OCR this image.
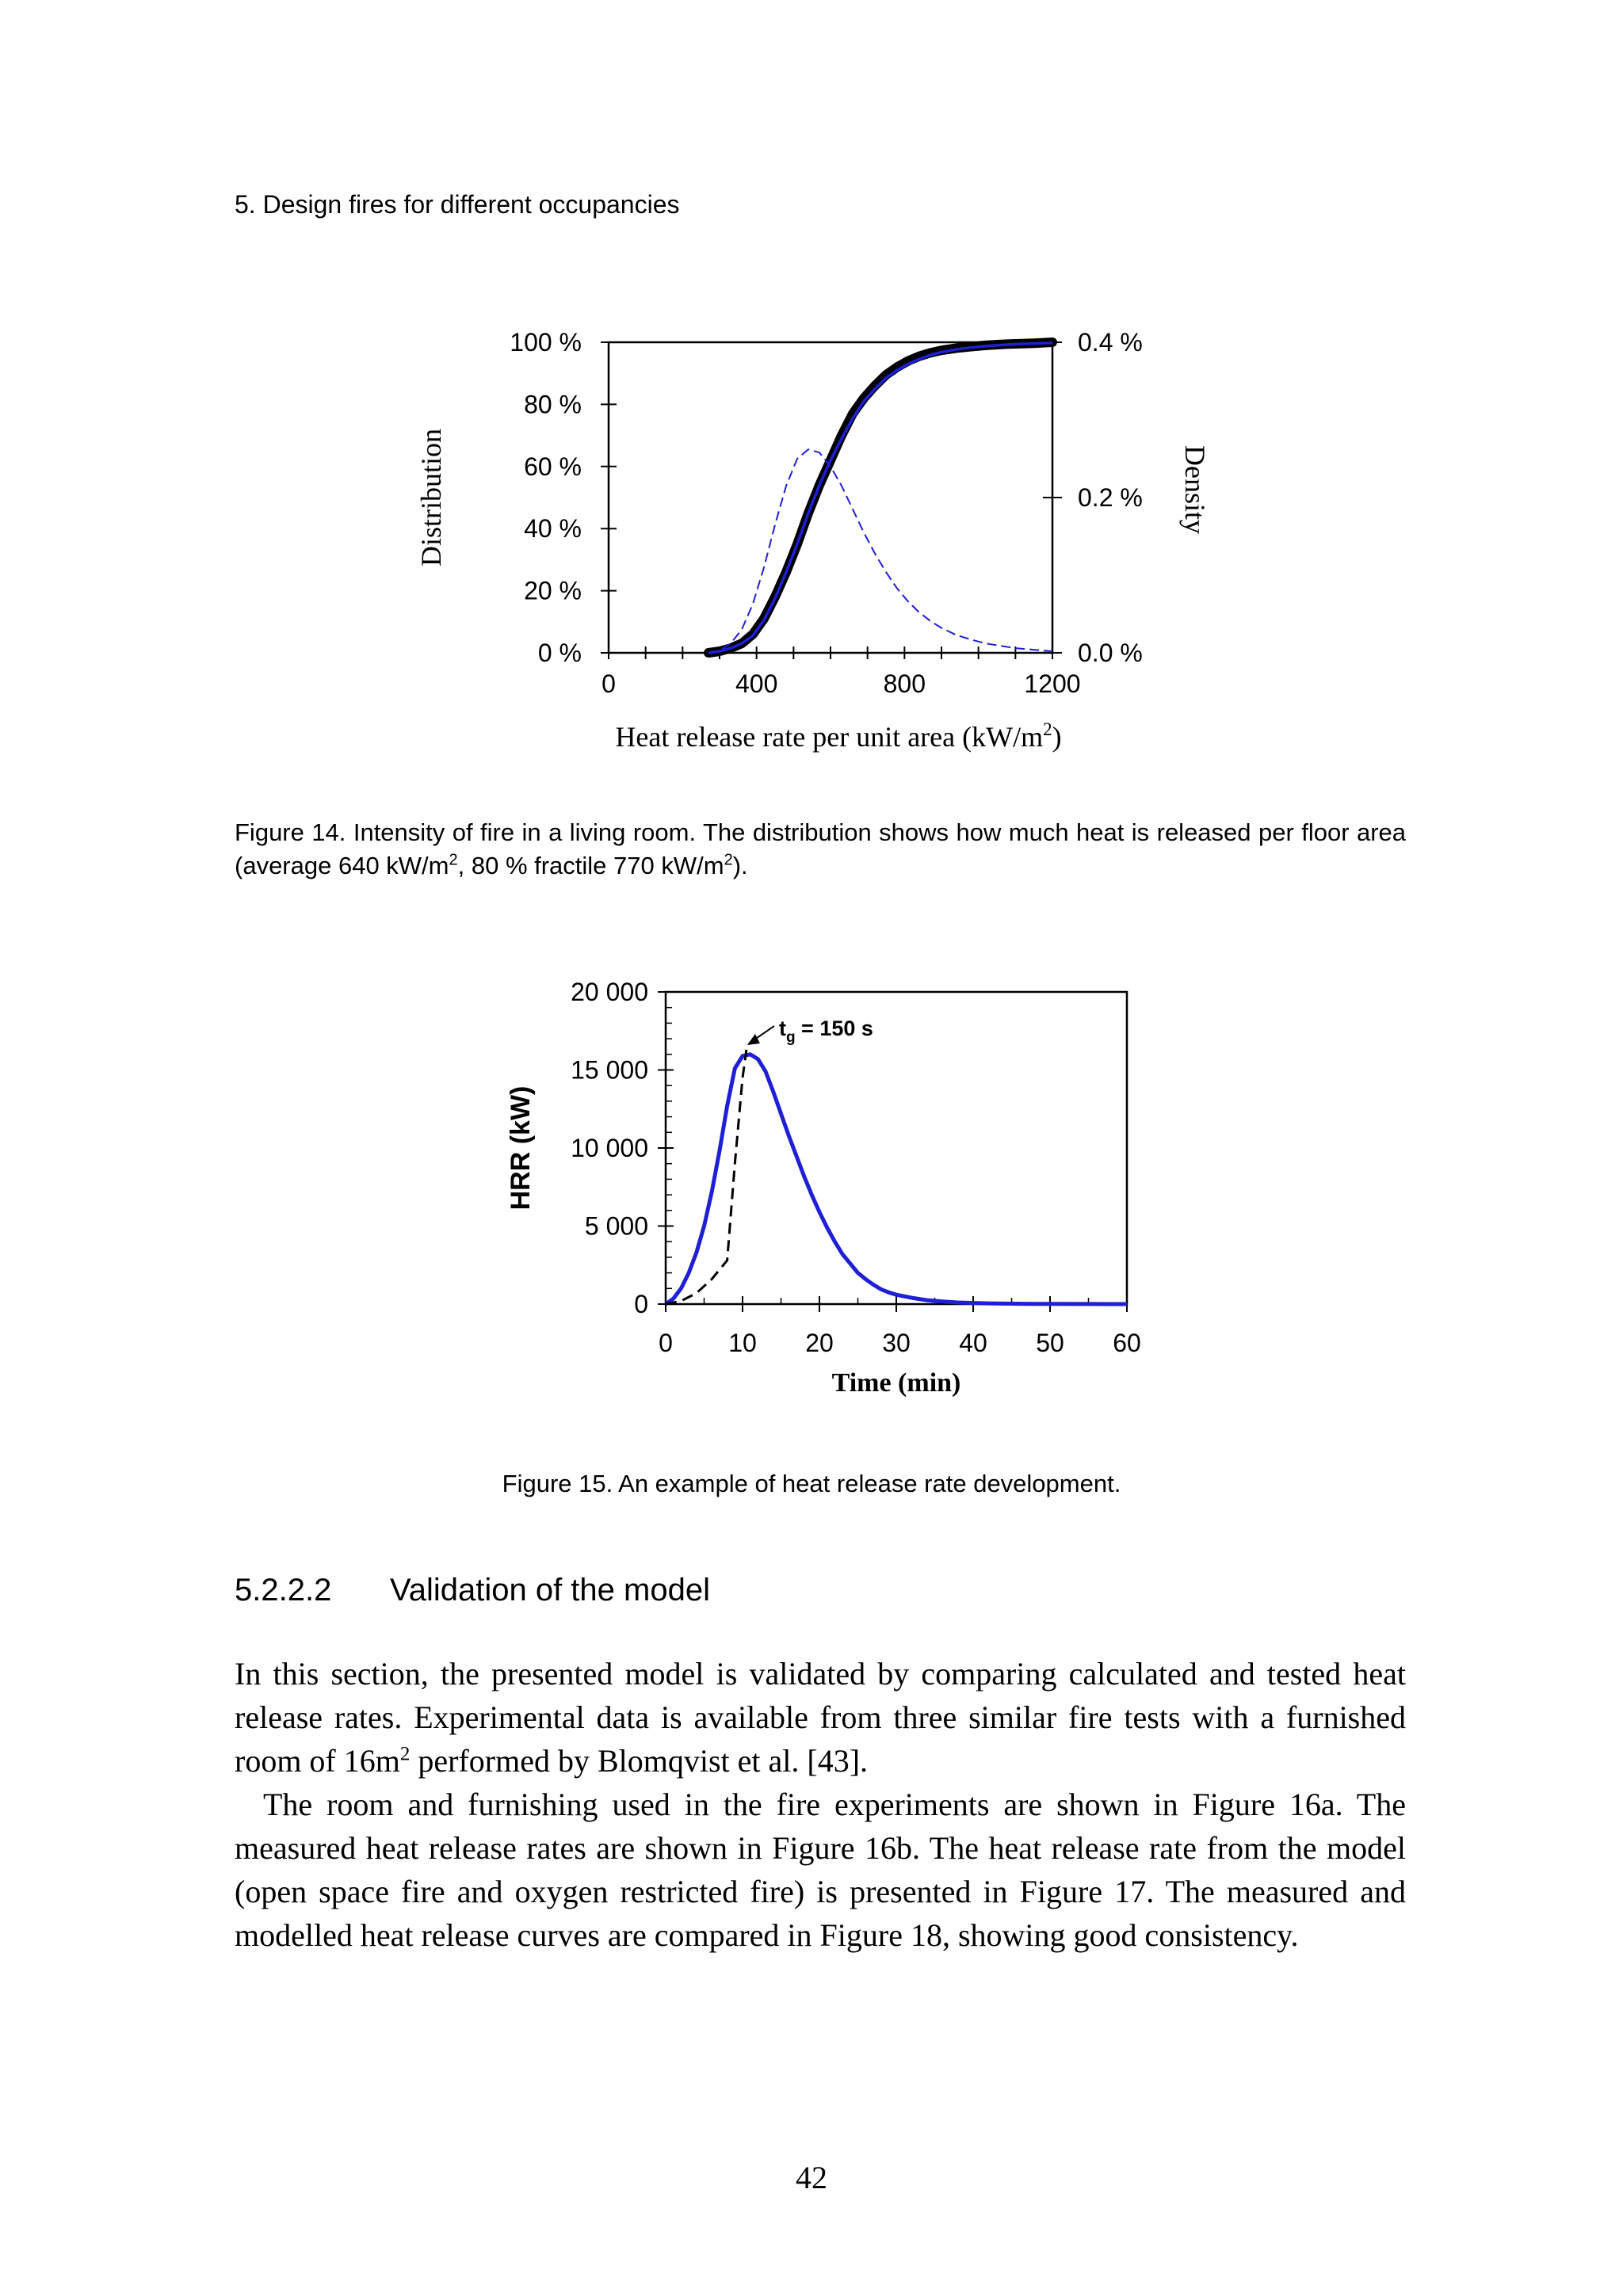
5. Design fires for different occupancies
0 %
20 %
40 %
60 %
80 %
100 %
0.0 %
0.2 %
0.4 %
0	400	800	1200
Distribution	Density
Heat release rate per unit area $(kW/m^2)$
Figure 14. Intensity of fire in a living room. The distribution shows how much heat is released per floor area (average 640 $kW/m^2$, 80 % fractile 770 $kW/m^2$).
0
5 000
10 000
15 000
20 000
0 10 20 30 40 50 60
Time (min)
HRR (kW)
$t_g = 150$ s
Figure 15. An example of heat release rate development.
5.2.2.2 Validation of the model

In this section, the presented model is validated by comparing calculated and tested heat release rates. Experimental data is available from three similar fire tests with a furnished room of $16m^2$ performed by Blomqvist et al. [43].

The room and furnishing used in the fire experiments are shown in Figure 16a. The measured heat release rates are shown in Figure 16b. The heat release rate from the model (open space fire and oxygen restricted fire) is presented in Figure 17. The measured and modelled heat release curves are compared in Figure 18, showing good consistency.

42
